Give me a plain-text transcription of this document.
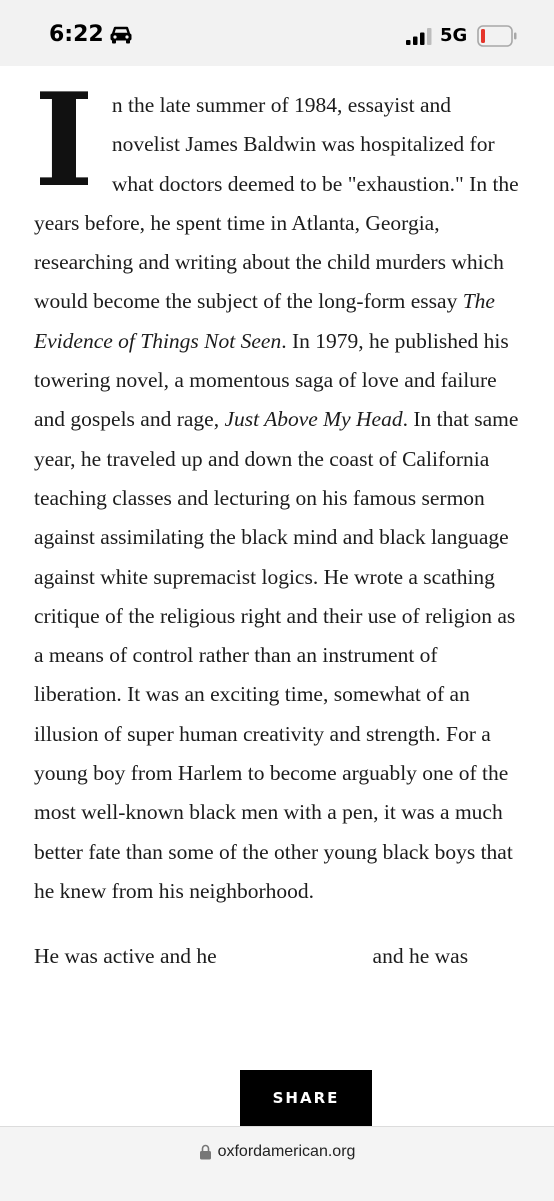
6:22	5G

In the late summer of 1984, essayist and novelist James Baldwin was hospitalized for what doctors deemed to be "exhaustion." In the years before, he spent time in Atlanta, Georgia, researching and writing about the child murders which would become the subject of the long-form essay The Evidence of Things Not Seen. In 1979, he published his towering novel, a momentous saga of love and failure and gospels and rage, Just Above My Head. In that same year, he traveled up and down the coast of California teaching classes and lecturing on his famous sermon against assimilating the black mind and black language against white supremacist logics. He wrote a scathing critique of the religious right and their use of religion as a means of control rather than an instrument of liberation. It was an exciting time, somewhat of an illusion of super human creativity and strength. For a young boy from Harlem to become arguably one of the most well-known black men with a pen, it was a much better fate than some of the other young black boys that he knew from his neighborhood.

He was active and he                             and he was

SHARE
oxfordamerican.org
